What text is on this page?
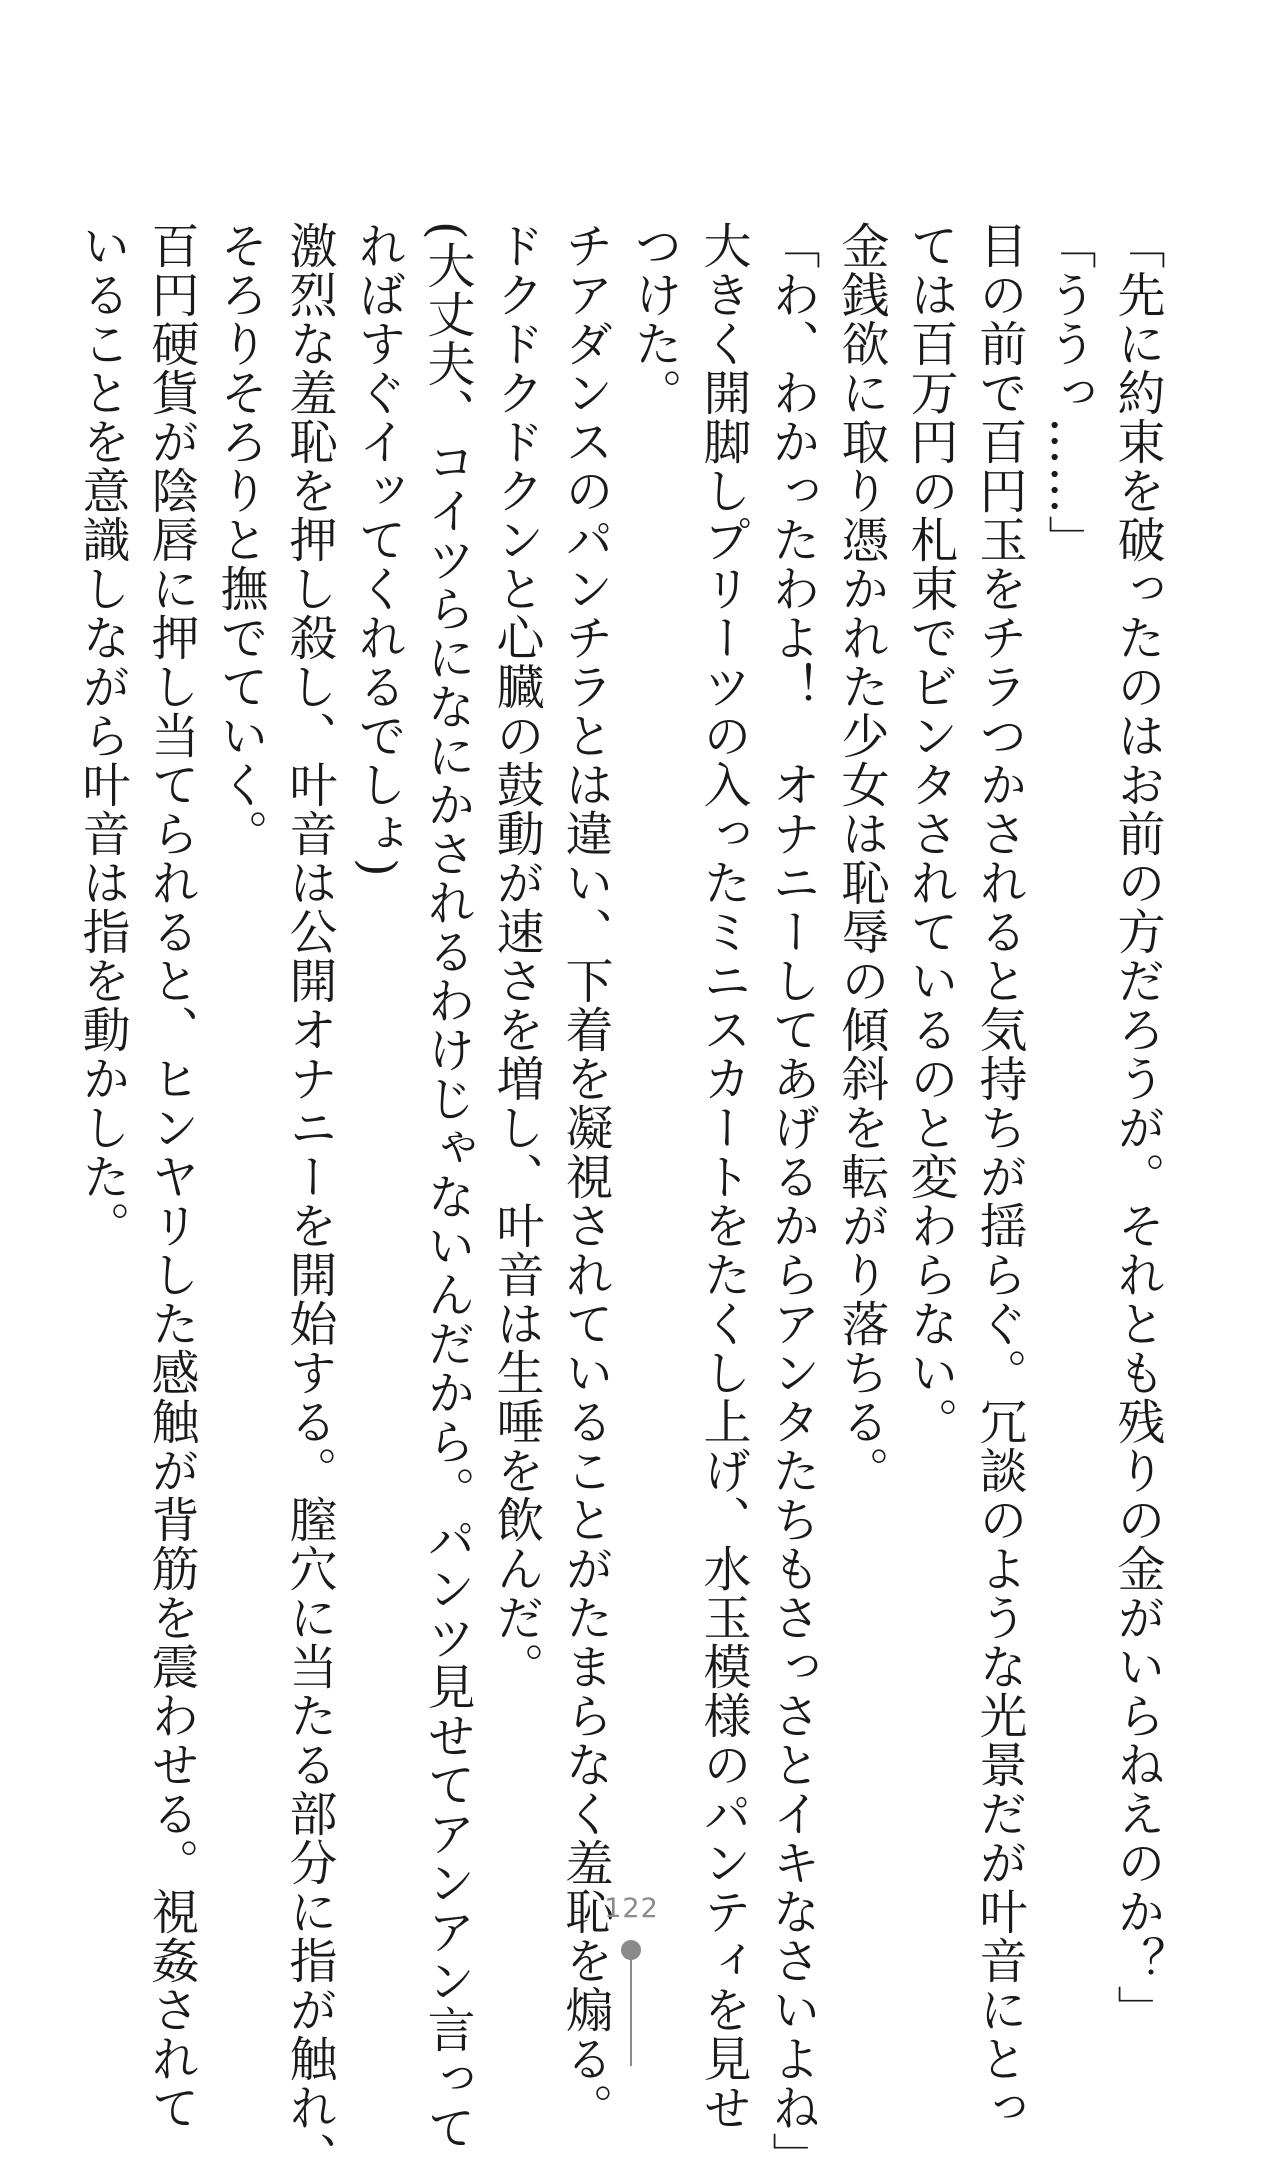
「先に約束を破ったのはお前の方だろうが。それとも残りの金がいらねえのか？」
「ううっ……」
目の前で百円玉をチラつかされると気持ちが揺らぐ。冗談のような光景だが叶音にとっ
ては百万円の札束でビンタされているのと変わらない。
金銭欲に取り憑かれた少女は恥辱の傾斜を転がり落ちる。
「わ、わかったわよ！　オナニーしてあげるからアンタたちもさっさとイキなさいよね」
大きく開脚しプリーツの入ったミニスカートをたくし上げ、水玉模様のパンティを見せ
つけた。
チアダンスのパンチラとは違い、下着を凝視されていることがたまらなく羞恥を煽る。
ドクドクドクンと心臓の鼓動が速さを増し、叶音は生唾を飲んだ。
(大丈夫、コイツらになにかされるわけじゃないんだから。パンツ見せてアンアン言って
ればすぐイッてくれるでしょ)
激烈な羞恥を押し殺し、叶音は公開オナニーを開始する。膣穴に当たる部分に指が触れ、
そろりそろりと撫でていく。
百円硬貨が陰唇に押し当てられると、ヒンヤリした感触が背筋を震わせる。視姦されて
いることを意識しながら叶音は指を動かした。
122
